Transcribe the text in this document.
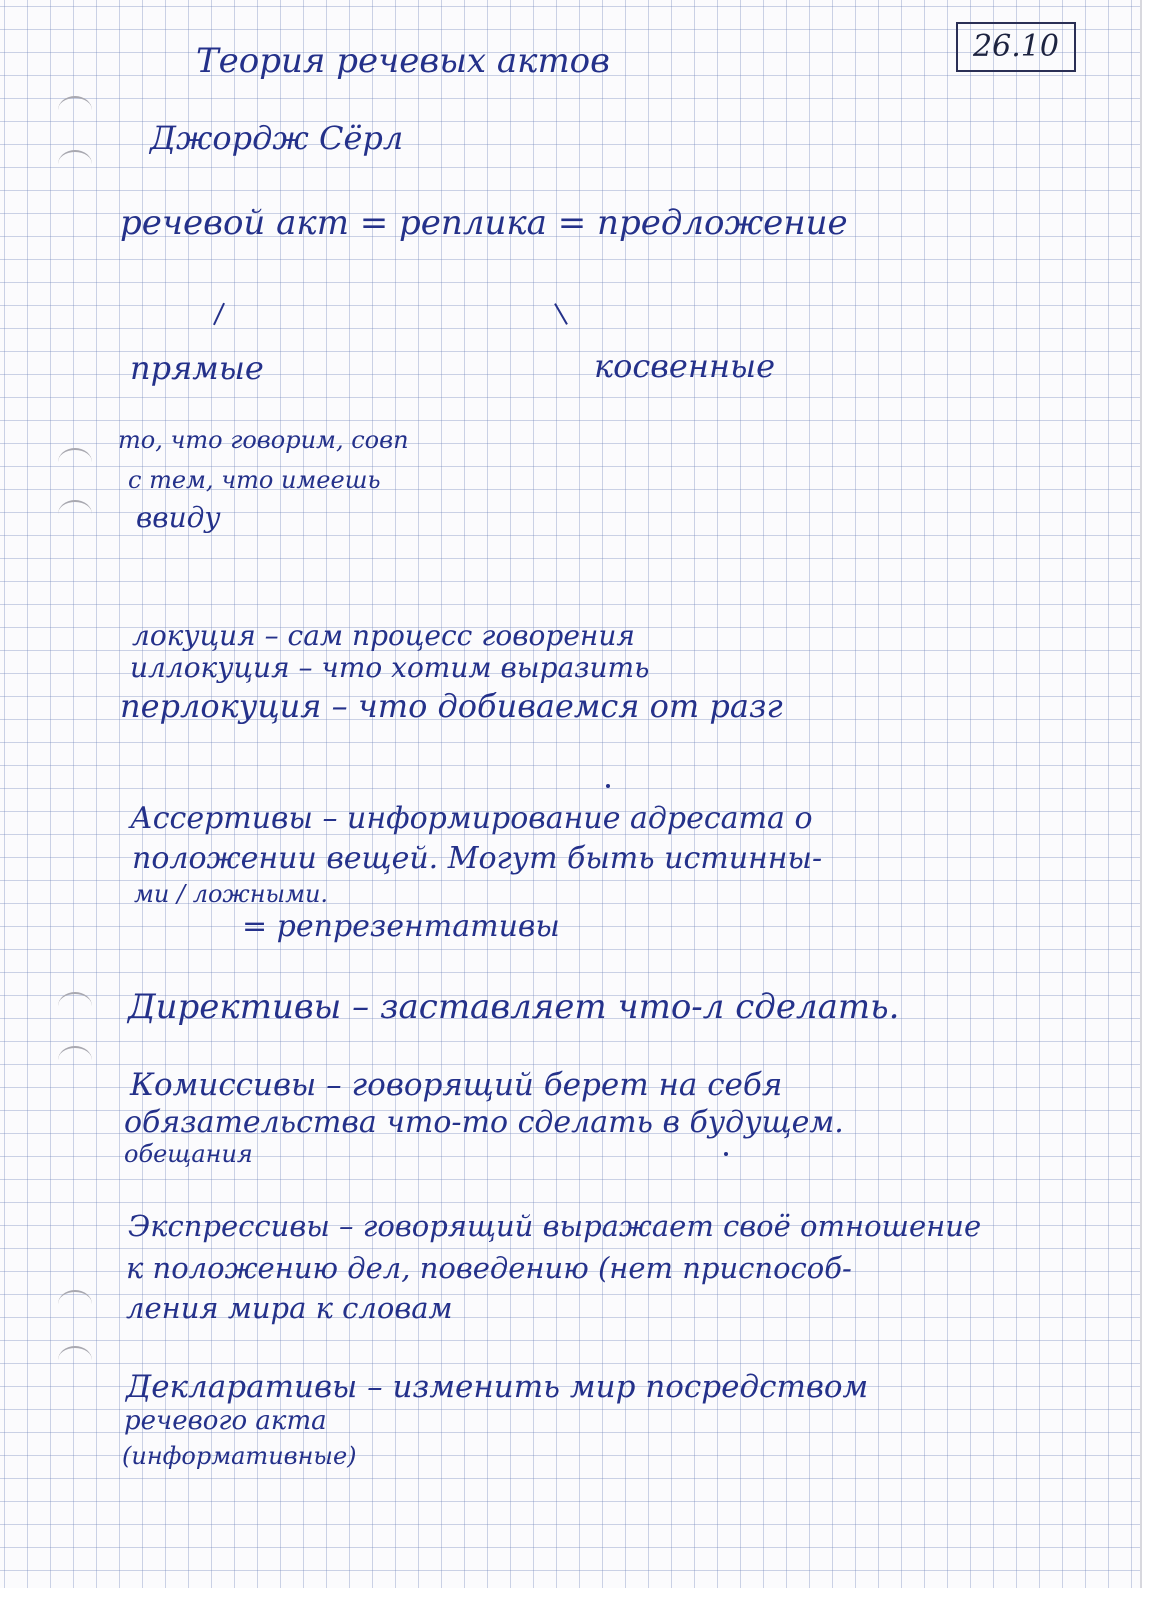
26.10
Теория речевых актов
Джордж Сёрл
речевой акт = реплика = предложение
прямые	косвенные
то, что говорим, совп
с тем, что имеешь
ввиду
локуция – сам процесс говорения
иллокуция – что хотим выразить
перлокуция – что добиваемся от разг
Ассертивы – информирование адресата о
положении вещей. Могут быть истинны-
ми / ложными.
= репрезентативы
Директивы – заставляет что-л сделать.
Комиссивы – говорящий берет на себя
обязательства что-то сделать в будущем.
обещания
Экспрессивы – говорящий выражает своё отношение
к положению дел, поведению (нет приспособ-
ления мира к словам
Декларативы – изменить мир посредством
речевого акта
(информативные)
